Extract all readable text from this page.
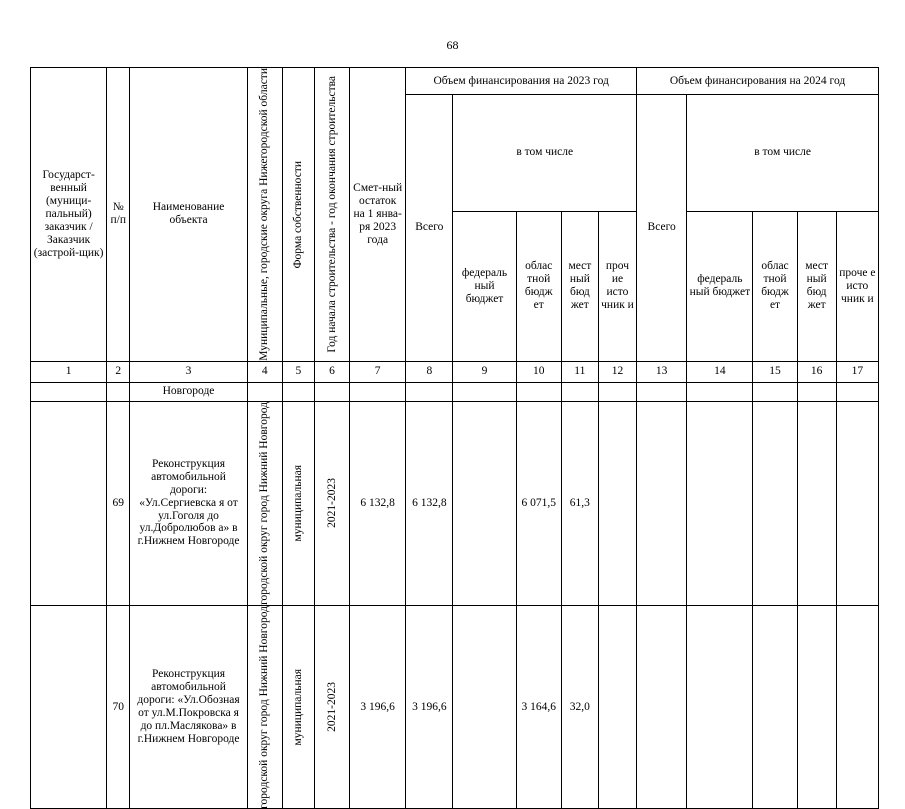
68
Государст-венный (муници-пальный) заказчик / Заказчик (застрой-щик)	№ п/п	Наименование объекта	Муниципальные, городские округа Нижегородской области	Форма собственности	Год начала строительства - год окончания строительства	Смет-ный остаток на 1 янва-ря 2023 года	Объем финансирования на 2023 год					Объем финансирования на 2024 год				
							Всего	в том числе				Всего	в том числе			
								федераль ный бюджет	облас тной бюдж ет	мест ный бюд жет	проч ие исто чник и		федераль ный бюджет	облас тной бюдж ет	мест ный бюд жет	проче е исто чник и
1	2	3	4	5	6	7	8	9	10	11	12	13	14	15	16	17
		Новгороде														
	69	Реконструкция автомобильной дороги: «Ул.Сергиевска я от ул.Гоголя до ул.Добролюбов а» в г.Нижнем Новгороде	городской округ город Нижний Новгород	муниципальная	2021-2023	6 132,8	6 132,8		6 071,5	61,3						
	70	Реконструкция автомобильной дороги: «Ул.Обозная от ул.М.Покровска я до пл.Маслякова» в г.Нижнем Новгороде	городской округ город Нижний Новгород	муниципальная	2021-2023	3 196,6	3 196,6		3 164,6	32,0						
